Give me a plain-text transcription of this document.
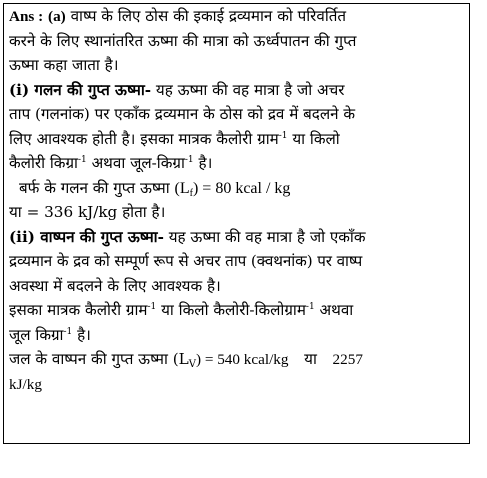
Ans : (a) वाष्प के लिए ठोस की इकाई द्रव्यमान को परिवर्तित
करने के लिए स्थानांतरित ऊष्मा की मात्रा को ऊर्ध्वपातन की गुप्त
ऊष्मा कहा जाता है।
(i) गलन की गुप्त ऊष्मा- यह ऊष्मा की वह मात्रा है जो अचर
ताप (गलनांक) पर एकाँक द्रव्यमान के ठोस को द्रव में बदलने के
लिए आवश्यक होती है। इसका मात्रक कैलोरी ग्राम$^{-1}$ या किलो
कैलोरी किग्रा$^{-1}$ अथवा जूल-किग्रा$^{-1}$ है।
बर्फ के गलन की गुप्त ऊष्मा (Lf) = 80 kcal / kg
या = 336 kJ/kg होता है।
(ii) वाष्पन की गुप्त ऊष्मा- यह ऊष्मा की वह मात्रा है जो एकाँक
द्रव्यमान के द्रव को सम्पूर्ण रूप से अचर ताप (क्वथनांक) पर वाष्प
अवस्था में बदलने के लिए आवश्यक है।
इसका मात्रक कैलोरी ग्राम$^{-1}$ या किलो कैलोरी-किलोग्राम$^{-1}$ अथवा
जूल किग्रा$^{-1}$ है।
जल के वाष्पन की गुप्त ऊष्मा (LV) = 540 kcal/kg या 2257
kJ/kg
